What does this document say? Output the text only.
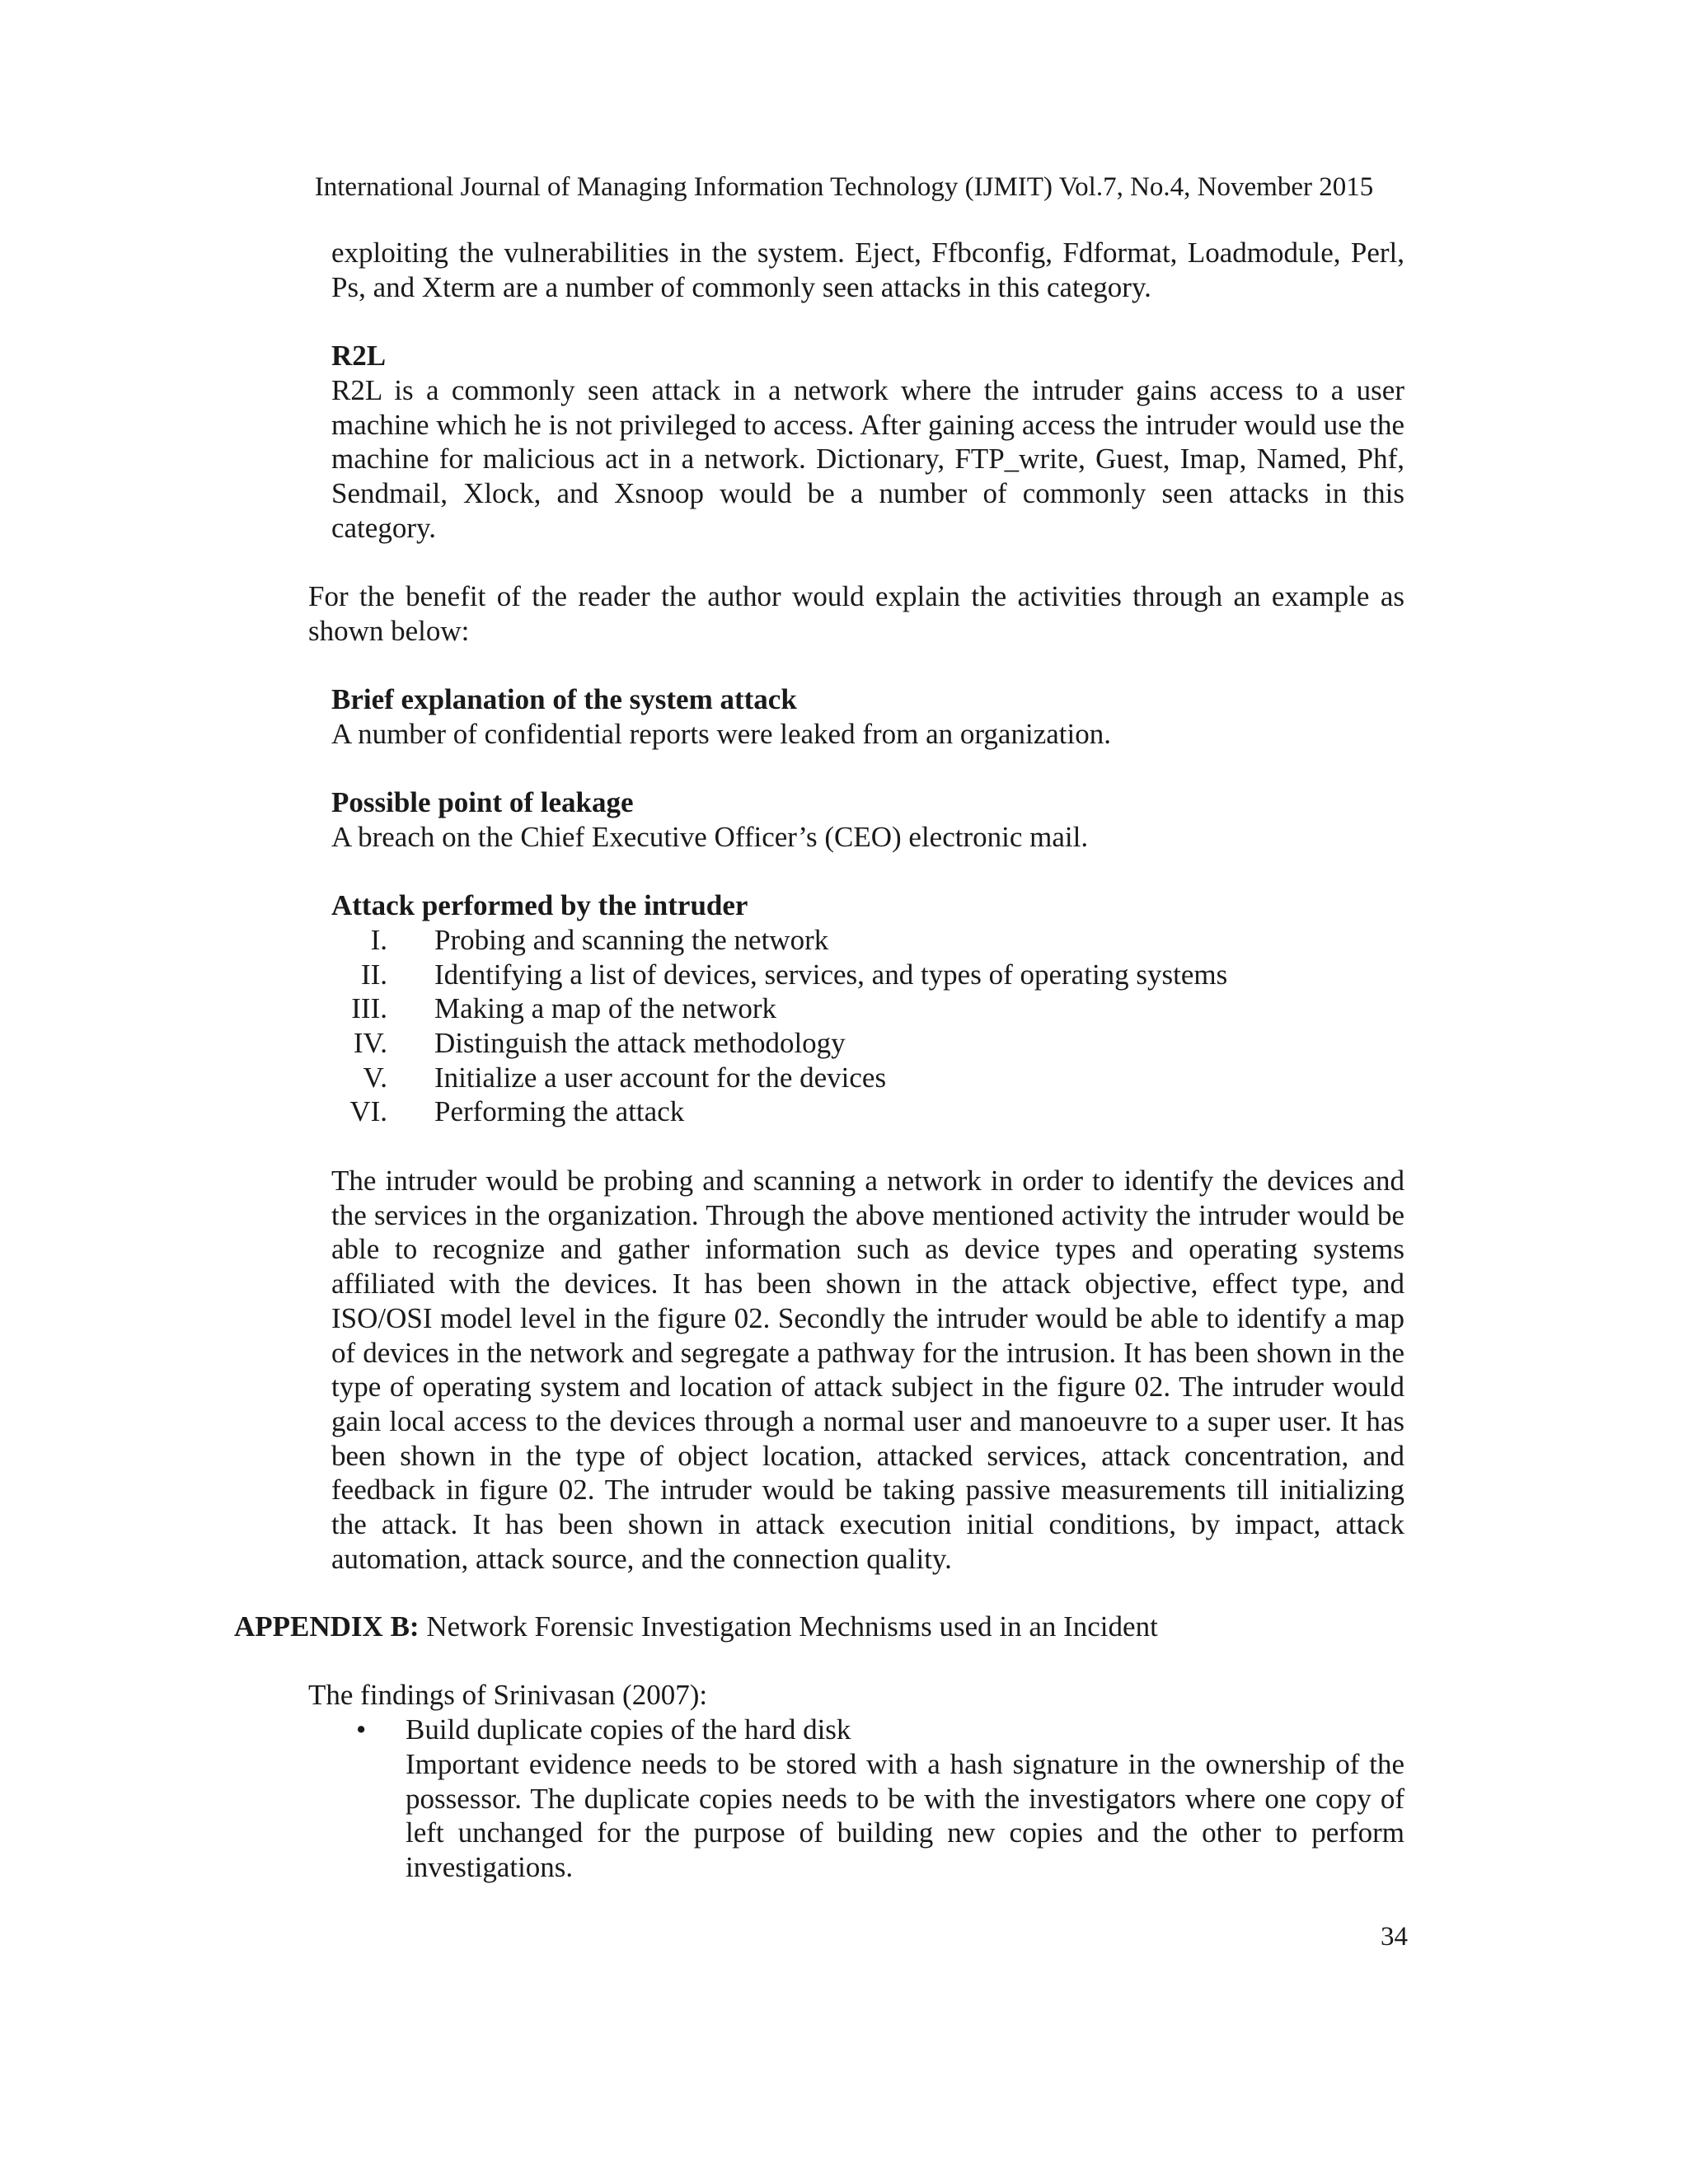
International Journal of Managing Information Technology (IJMIT) Vol.7, No.4, November 2015
exploiting the vulnerabilities in the system. Eject, Ffbconfig, Fdformat, Loadmodule, Perl, Ps, and Xterm are a number of commonly seen attacks in this category.
R2L
R2L is a commonly seen attack in a network where the intruder gains access to a user machine which he is not privileged to access. After gaining access the intruder would use the machine for malicious act in a network. Dictionary, FTP_write, Guest, Imap, Named, Phf, Sendmail, Xlock, and Xsnoop would be a number of commonly seen attacks in this category.
For the benefit of the reader the author would explain the activities through an example as shown below:
Brief explanation of the system attack
A number of confidential reports were leaked from an organization.
Possible point of leakage
A breach on the Chief Executive Officer’s (CEO) electronic mail.
Attack performed by the intruder
I. Probing and scanning the network
II. Identifying a list of devices, services, and types of operating systems
III. Making a map of the network
IV. Distinguish the attack methodology
V. Initialize a user account for the devices
VI. Performing the attack
The intruder would be probing and scanning a network in order to identify the devices and the services in the organization. Through the above mentioned activity the intruder would be able to recognize and gather information such as device types and operating systems affiliated with the devices. It has been shown in the attack objective, effect type, and ISO/OSI model level in the figure 02. Secondly the intruder would be able to identify a map of devices in the network and segregate a pathway for the intrusion. It has been shown in the type of operating system and location of attack subject in the figure 02. The intruder would gain local access to the devices through a normal user and manoeuvre to a super user. It has been shown in the type of object location, attacked services, attack concentration, and feedback in figure 02. The intruder would be taking passive measurements till initializing the attack. It has been shown in attack execution initial conditions, by impact, attack automation, attack source, and the connection quality.
APPENDIX B: Network Forensic Investigation Mechnisms used in an Incident
The findings of Srinivasan (2007):
• Build duplicate copies of the hard disk
Important evidence needs to be stored with a hash signature in the ownership of the possessor. The duplicate copies needs to be with the investigators where one copy of left unchanged for the purpose of building new copies and the other to perform investigations.
34
